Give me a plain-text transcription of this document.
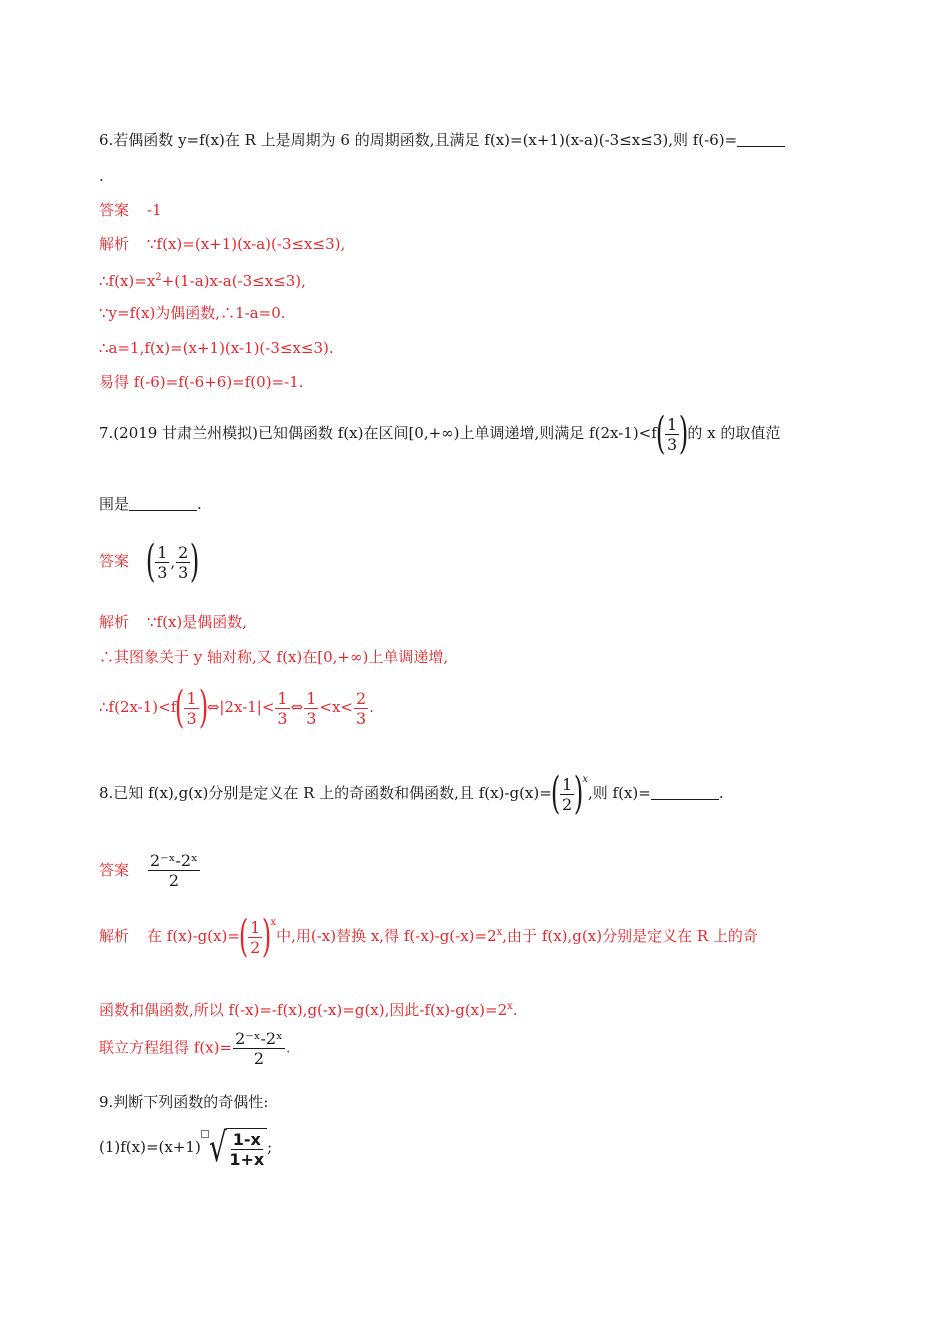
6.若偶函数 y=f(x)在 R 上是周期为 6 的周期函数,且满足 f(x)=(x+1)(x-a)(-3≤x≤3),则 f(-6)=
.
答案 -1
解析 ∵f(x)=(x+1)(x-a)(-3≤x≤3),
$\therefore f(x)=x^2+(1-a)x-a(-3\le x\le 3)$,
∵y=f(x)为偶函数,∴1-a=0.
∴a=1,f(x)=(x+1)(x-1)(-3≤x≤3).
易得 f(-6)=f(-6+6)=f(0)=-1.
7.(2019 甘肃兰州模拟)已知偶函数 f(x)在区间[0,+∞)上单调递增,则满足 f(2x-1)<f
( $\frac{1}{3}$ )
的 x 的取值范
围是	.
答案 ( $\frac{1}{3}$ , $\frac{2}{3}$ )
解析 ∵f(x)是偶函数,
∴其图象关于 y 轴对称,又 f(x)在[0,+∞)上单调递增,
∴f(2x-1)<f
( $\frac{1}{3}$ )
⇔|2x-1|< $\frac{1}{3}$ ⇔ $\frac{1}{3} <x< \frac{2}{3}$ .
8.已知 f(x),g(x)分别是定义在 R 上的奇函数和偶函数,且 f(x)-g(x)=
( $\frac{1}{2}$ )
$^x$,则 f(x)=	.
答案 $\frac{\text{2⁻ˣ-2ˣ}}{2}$
解析 在 f(x)-g(x)=
( $\frac{1}{2}$ )
$^x$中,用(-x)替换 x,得 $f(-x)-g(-x)=2^x$,由于 f(x),g(x)分别是定义在 R 上的奇
函数和偶函数,所以 f(-x)=-f(x),g(-x)=g(x),因此$-f(x)-g(x)=2^x$.
联立方程组得 $f(x)= \frac{\text{2⁻ˣ-2ˣ}}{2}$ .
9.判断下列函数的奇偶性:
(1)f(x)=(x+1) √ $\frac{1-x}{1+x}$ ;
